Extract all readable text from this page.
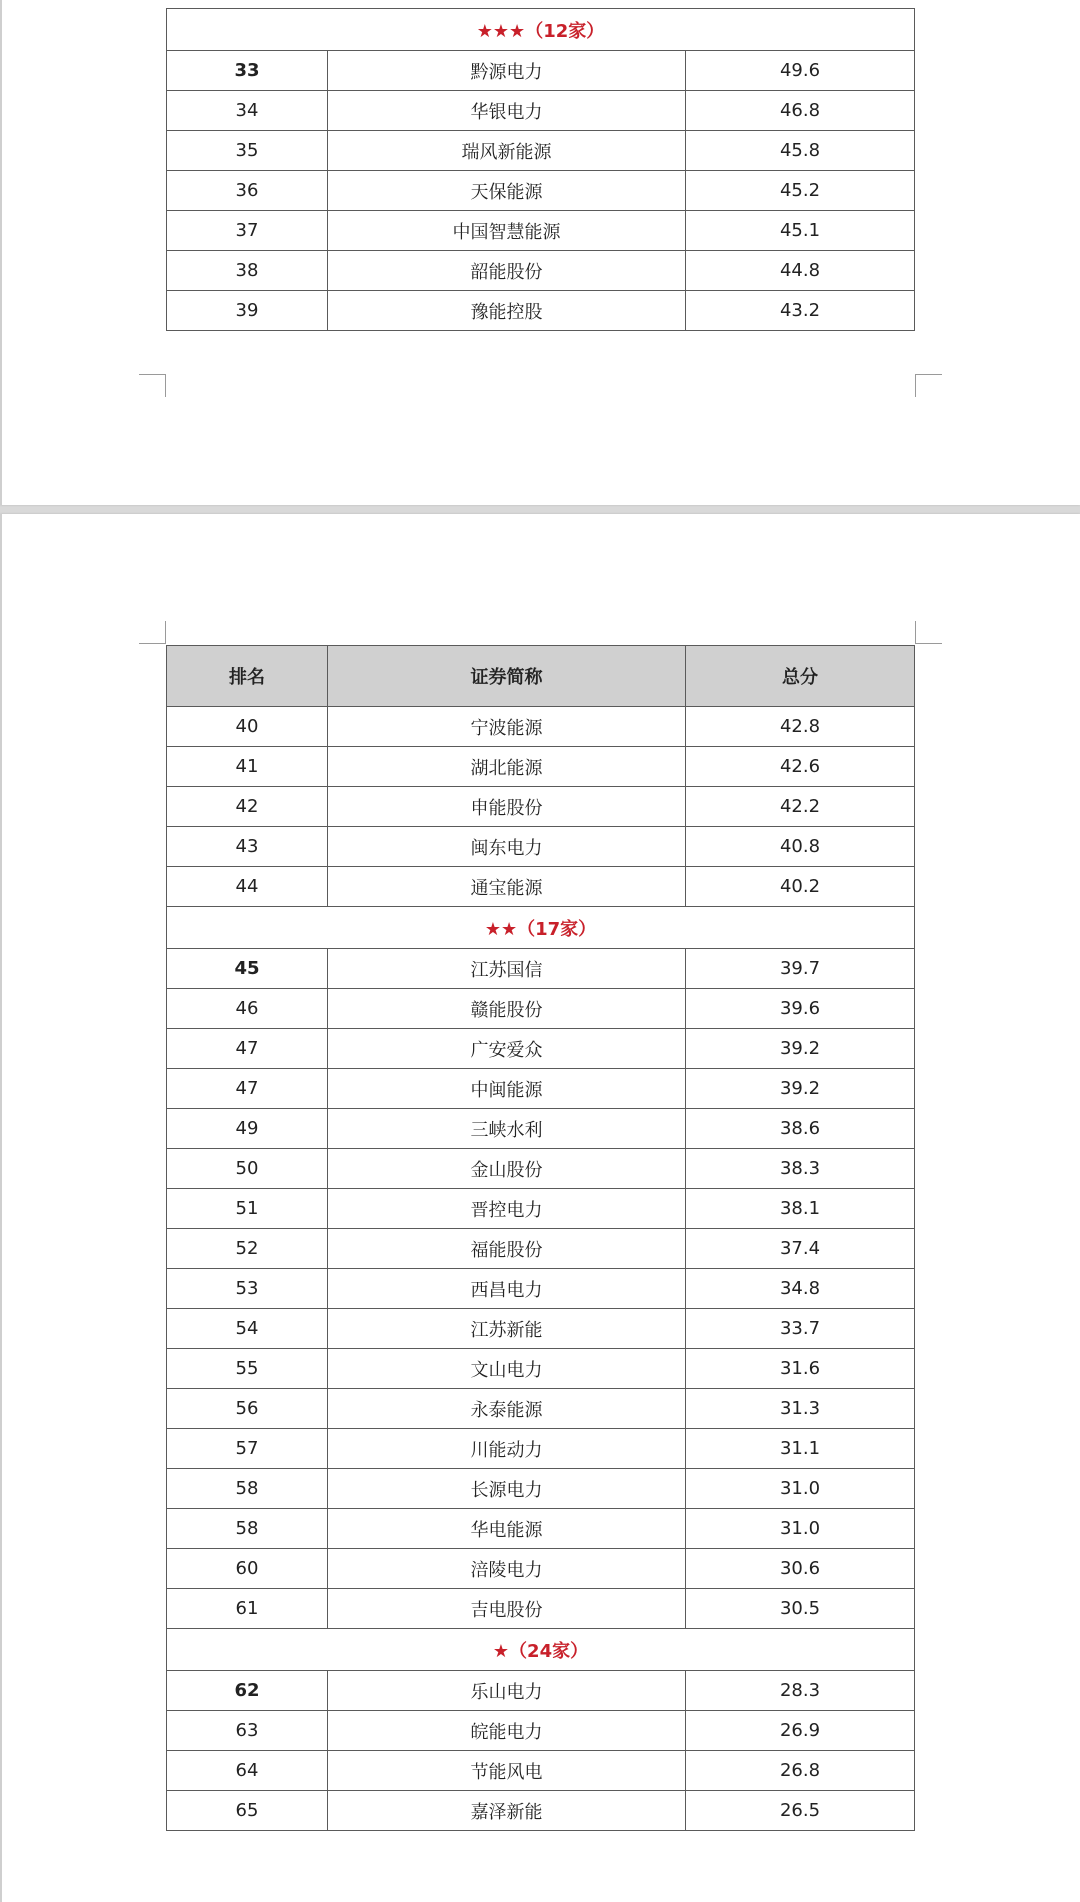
★★★（12家）		
33	黔源电力	49.6
34	华银电力	46.8
35	瑞风新能源	45.8
36	天保能源	45.2
37	中国智慧能源	45.1
38	韶能股份	44.8
39	豫能控股	43.2
排名	证券简称	总分
40	宁波能源	42.8
41	湖北能源	42.6
42	申能股份	42.2
43	闽东电力	40.8
44	通宝能源	40.2
★★（17家）		
45	江苏国信	39.7
46	赣能股份	39.6
47	广安爱众	39.2
47	中闽能源	39.2
49	三峡水利	38.6
50	金山股份	38.3
51	晋控电力	38.1
52	福能股份	37.4
53	西昌电力	34.8
54	江苏新能	33.7
55	文山电力	31.6
56	永泰能源	31.3
57	川能动力	31.1
58	长源电力	31.0
58	华电能源	31.0
60	涪陵电力	30.6
61	吉电股份	30.5
★（24家）		
62	乐山电力	28.3
63	皖能电力	26.9
64	节能风电	26.8
65	嘉泽新能	26.5
